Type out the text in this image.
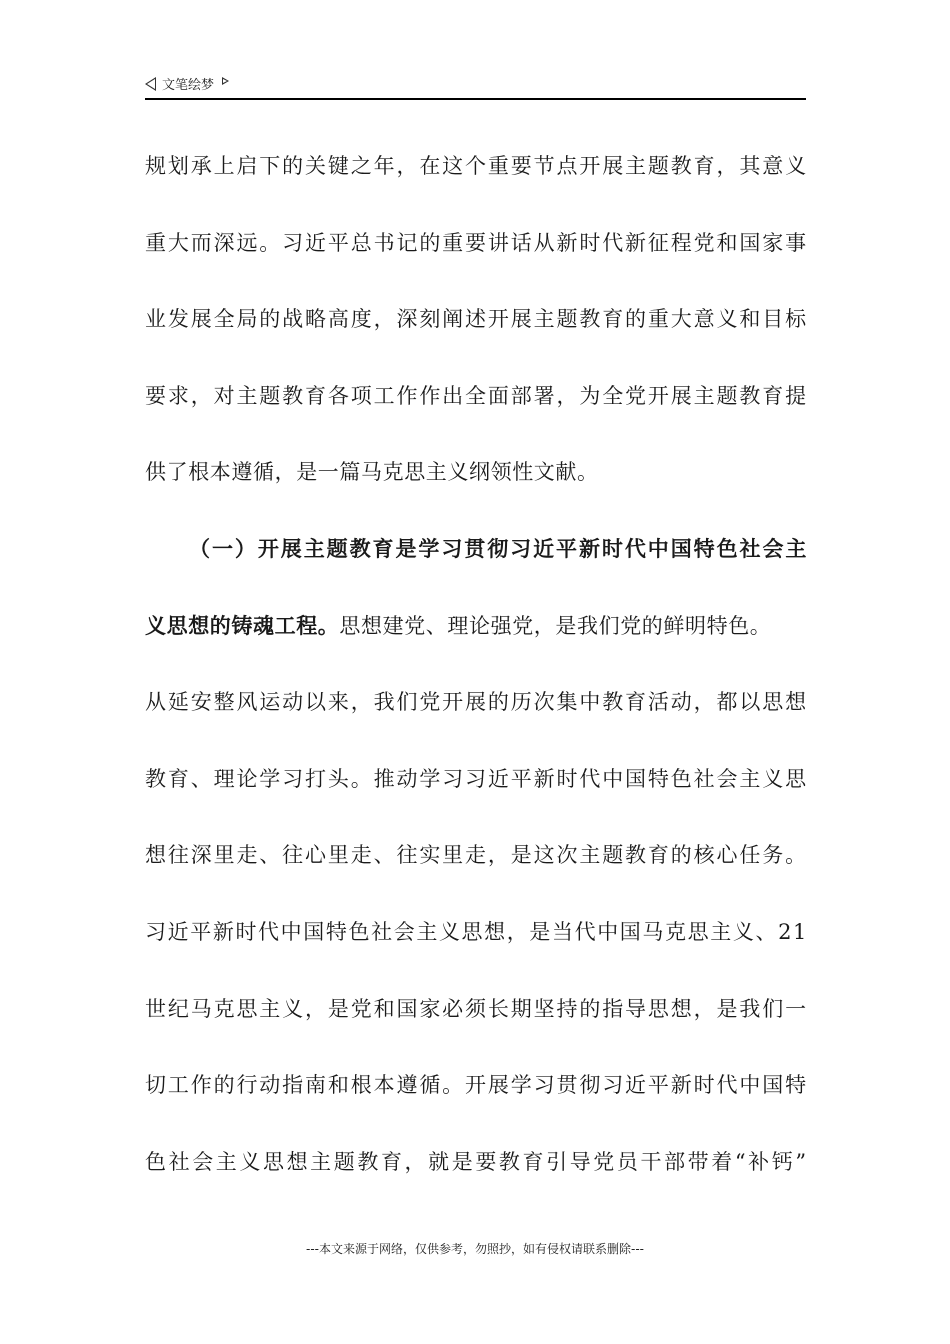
文笔绘梦
规 划 承 上 启 下 的 关 键 之 年 ， 在 这 个 重 要 节 点 开 展 主 题 教 育 ， 其 意 义
重 大 而 深 远 。 习 近 平 总 书 记 的 重 要 讲 话 从 新 时 代 新 征 程 党 和 国 家 事
业 发 展 全 局 的 战 略 高 度 ， 深 刻 阐 述 开 展 主 题 教 育 的 重 大 意 义 和 目 标
要 求 ， 对 主 题 教 育 各 项 工 作 作 出 全 面 部 署 ， 为 全 党 开 展 主 题 教 育 提
供了根本遵循，是一篇马克思主义纲领性文献。
（ 一 ） 开 展 主 题 教 育 是 学 习 贯 彻 习 近 平 新 时 代 中 国 特 色 社 会 主
义思想的铸魂工程。思想建党、理论强党，是我们党的鲜明特色。
从 延 安 整 风 运 动 以 来 ， 我 们 党 开 展 的 历 次 集 中 教 育 活 动 ， 都 以 思 想
教 育 、 理 论 学 习 打 头 。 推 动 学 习 习 近 平 新 时 代 中 国 特 色 社 会 主 义 思
想 往 深 里 走 、 往 心 里 走 、 往 实 里 走 ， 是 这 次 主 题 教 育 的 核 心 任 务 。
习 近 平 新 时 代 中 国 特 色 社 会 主 义 思 想 ， 是 当 代 中 国 马 克 思 主 义 、 2 1
世 纪 马 克 思 主 义 ， 是 党 和 国 家 必 须 长 期 坚 持 的 指 导 思 想 ， 是 我 们 一
切 工 作 的 行 动 指 南 和 根 本 遵 循 。 开 展 学 习 贯 彻 习 近 平 新 时 代 中 国 特
色 社 会 主 义 思 想 主 题 教 育 ， 就 是 要 教 育 引 导 党 员 干 部 带 着 “ 补 钙 ”
---本文来源于网络，仅供参考，勿照抄，如有侵权请联系删除---
